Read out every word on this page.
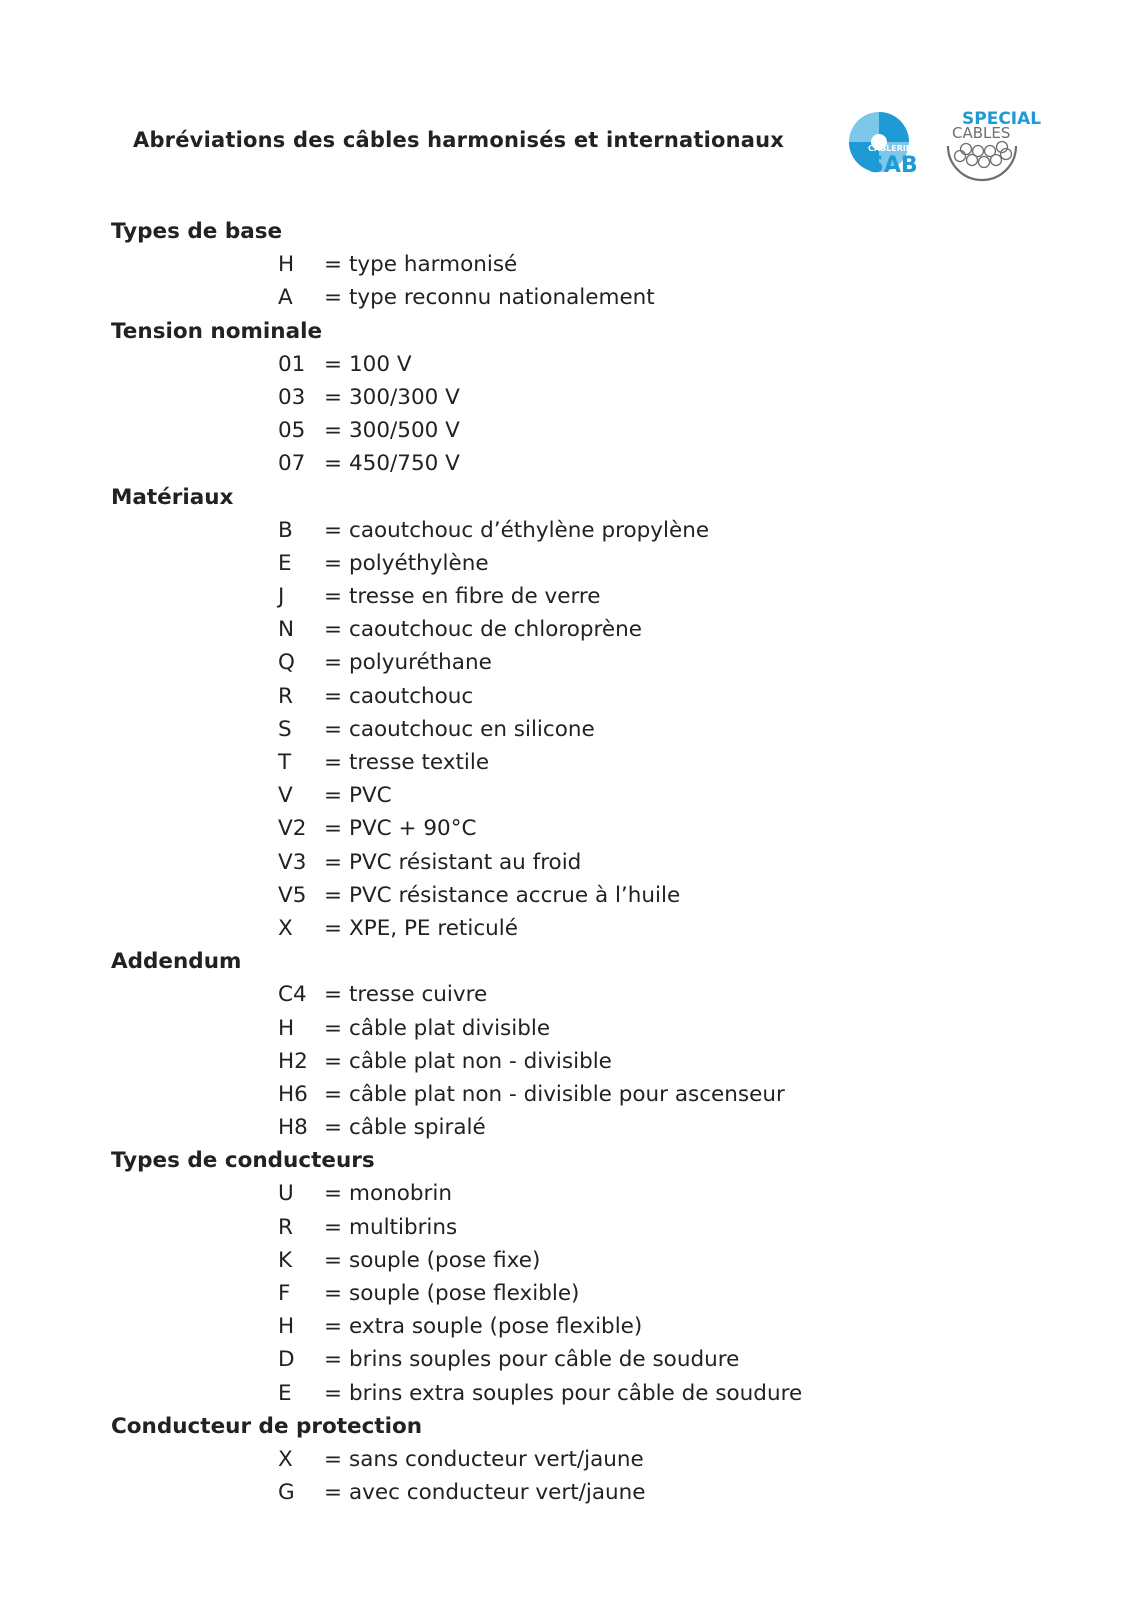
Abréviations des câbles harmonisés et internationaux
SPECIAL
CABLES
CABLERIE
SAB
Types de base
H = type harmonisé
A = type reconnu nationalement
Tension nominale
01 = 100 V
03 = 300/300 V
05 = 300/500 V
07 = 450/750 V
Matériaux
B = caoutchouc d’éthylène propylène
E = polyéthylène
J = tresse en fibre de verre
N = caoutchouc de chloroprène
Q = polyuréthane
R = caoutchouc
S = caoutchouc en silicone
T = tresse textile
V = PVC
V2 = PVC + 90°C
V3 = PVC résistant au froid
V5 = PVC résistance accrue à l’huile
X = XPE, PE reticulé
Addendum
C4 = tresse cuivre
H = câble plat divisible
H2 = câble plat non - divisible
H6 = câble plat non - divisible pour ascenseur
H8 = câble spiralé
Types de conducteurs
U = monobrin
R = multibrins
K = souple (pose fixe)
F = souple (pose flexible)
H = extra souple (pose flexible)
D = brins souples pour câble de soudure
E = brins extra souples pour câble de soudure
Conducteur de protection
X = sans conducteur vert/jaune
G = avec conducteur vert/jaune
